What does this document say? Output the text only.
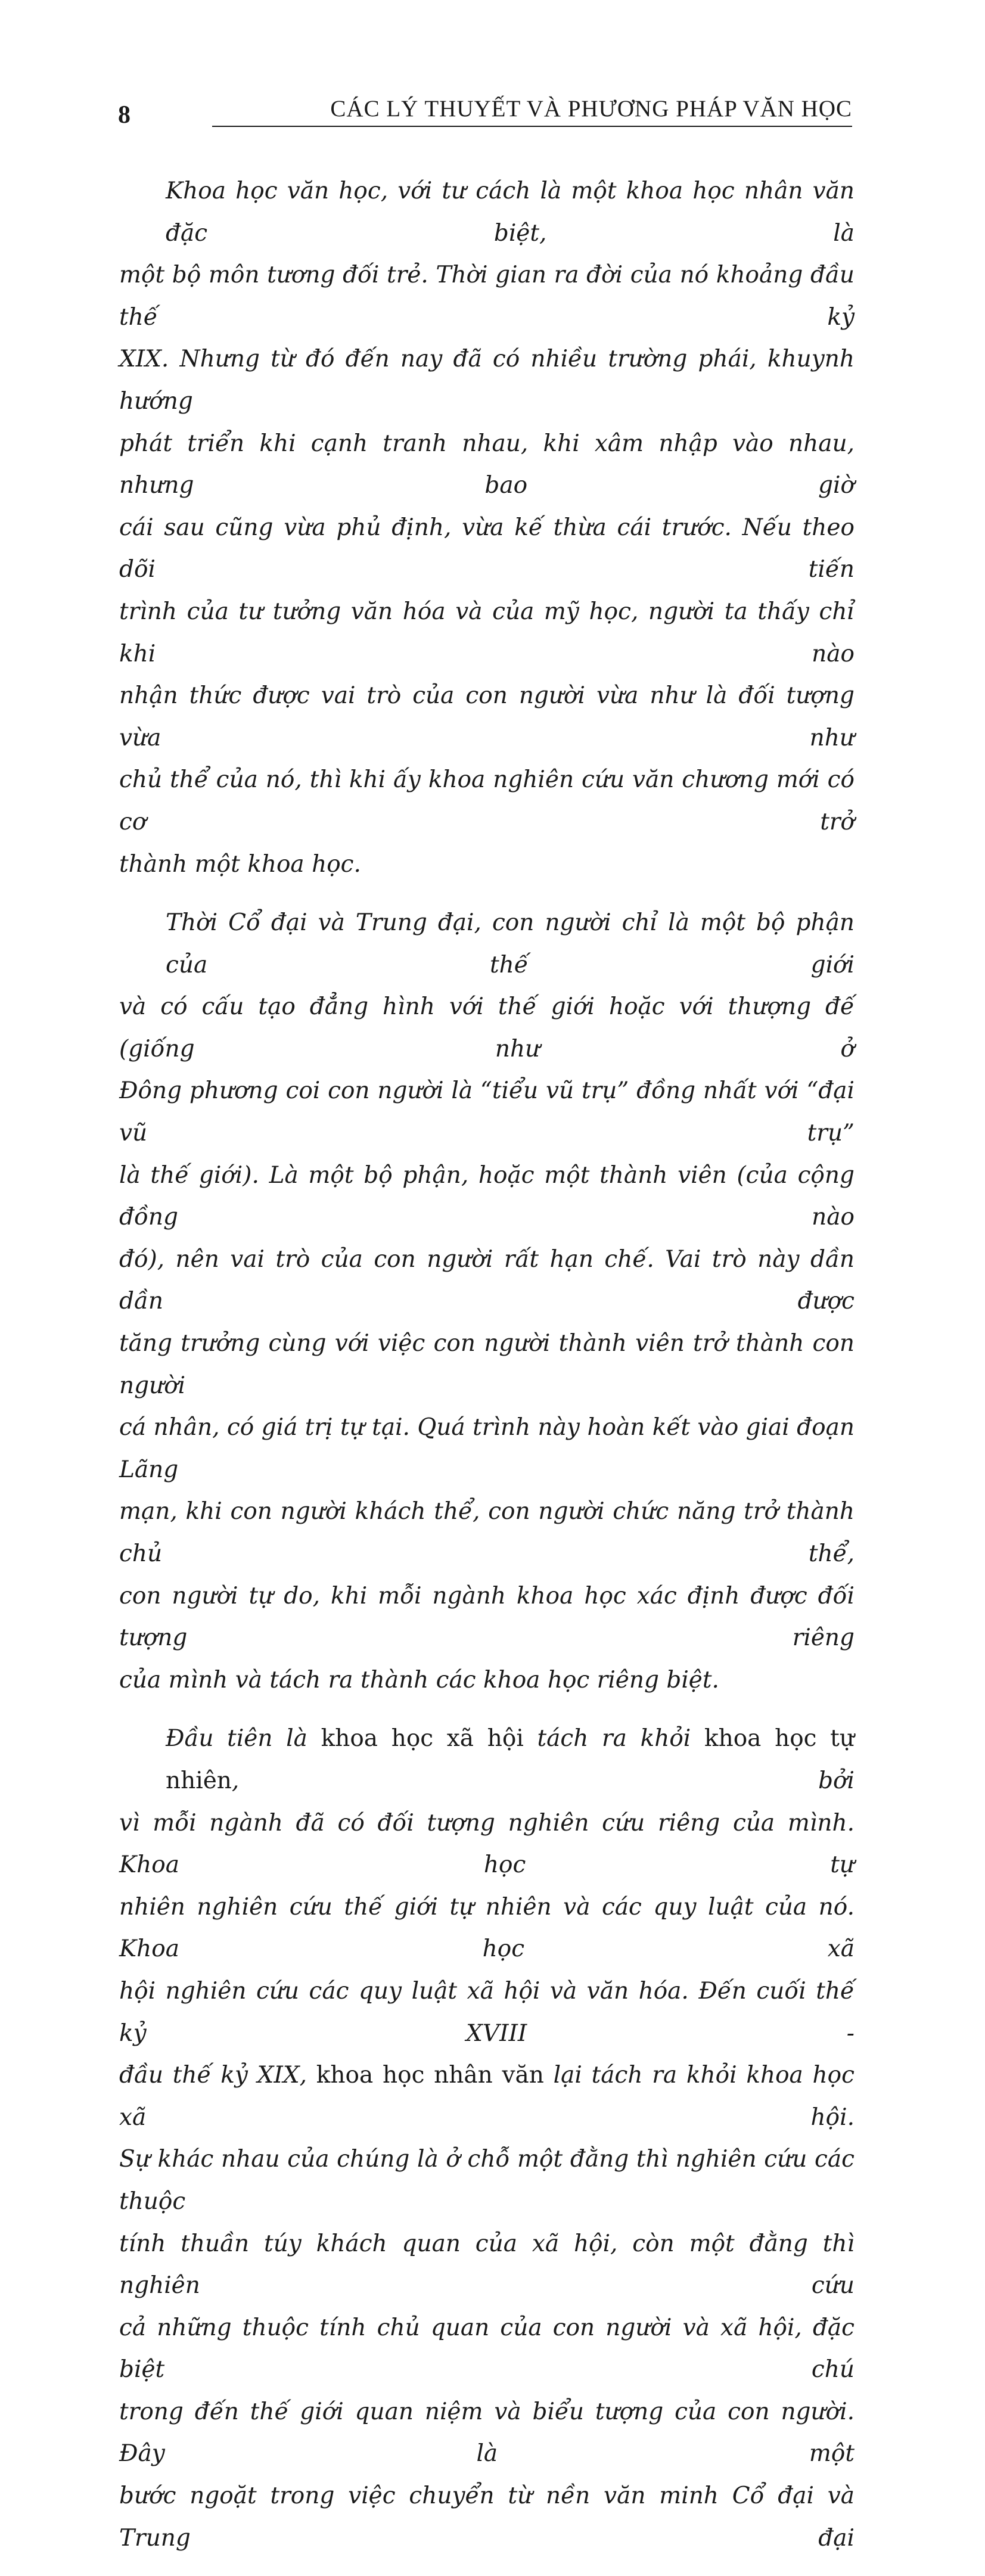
8	CÁC LÝ THUYẾT VÀ PHƯƠNG PHÁP VĂN HỌC

Khoa học văn học, với tư cách là một khoa học nhân văn đặc biệt, là
một bộ môn tương đối trẻ. Thời gian ra đời của nó khoảng đầu thế kỷ
XIX. Nhưng từ đó đến nay đã có nhiều trường phái, khuynh hướng
phát triển khi cạnh tranh nhau, khi xâm nhập vào nhau, nhưng bao giờ
cái sau cũng vừa phủ định, vừa kế thừa cái trước. Nếu theo dõi tiến
trình của tư tưởng văn hóa và của mỹ học, người ta thấy chỉ khi nào
nhận thức được vai trò của con người vừa như là đối tượng vừa như
chủ thể của nó, thì khi ấy khoa nghiên cứu văn chương mới có cơ trở
thành một khoa học.

Thời Cổ đại và Trung đại, con người chỉ là một bộ phận của thế giới
và có cấu tạo đẳng hình với thế giới hoặc với thượng đế (giống như ở
Đông phương coi con người là “tiểu vũ trụ” đồng nhất với “đại vũ trụ”
là thế giới). Là một bộ phận, hoặc một thành viên (của cộng đồng nào
đó), nên vai trò của con người rất hạn chế. Vai trò này dần dần được
tăng trưởng cùng với việc con người thành viên trở thành con người
cá nhân, có giá trị tự tại. Quá trình này hoàn kết vào giai đoạn Lãng
mạn, khi con người khách thể, con người chức năng trở thành chủ thể,
con người tự do, khi mỗi ngành khoa học xác định được đối tượng riêng
của mình và tách ra thành các khoa học riêng biệt.

Đầu tiên là khoa học xã hội tách ra khỏi khoa học tự nhiên, bởi
vì mỗi ngành đã có đối tượng nghiên cứu riêng của mình. Khoa học tự
nhiên nghiên cứu thế giới tự nhiên và các quy luật của nó. Khoa học xã
hội nghiên cứu các quy luật xã hội và văn hóa. Đến cuối thế kỷ XVIII -
đầu thế kỷ XIX, khoa học nhân văn lại tách ra khỏi khoa học xã hội.
Sự khác nhau của chúng là ở chỗ một đằng thì nghiên cứu các thuộc
tính thuần túy khách quan của xã hội, còn một đằng thì nghiên cứu
cả những thuộc tính chủ quan của con người và xã hội, đặc biệt chú
trong đến thế giới quan niệm và biểu tượng của con người. Đây là một
bước ngoặt trong việc chuyển từ nền văn minh Cổ đại và Trung đại
